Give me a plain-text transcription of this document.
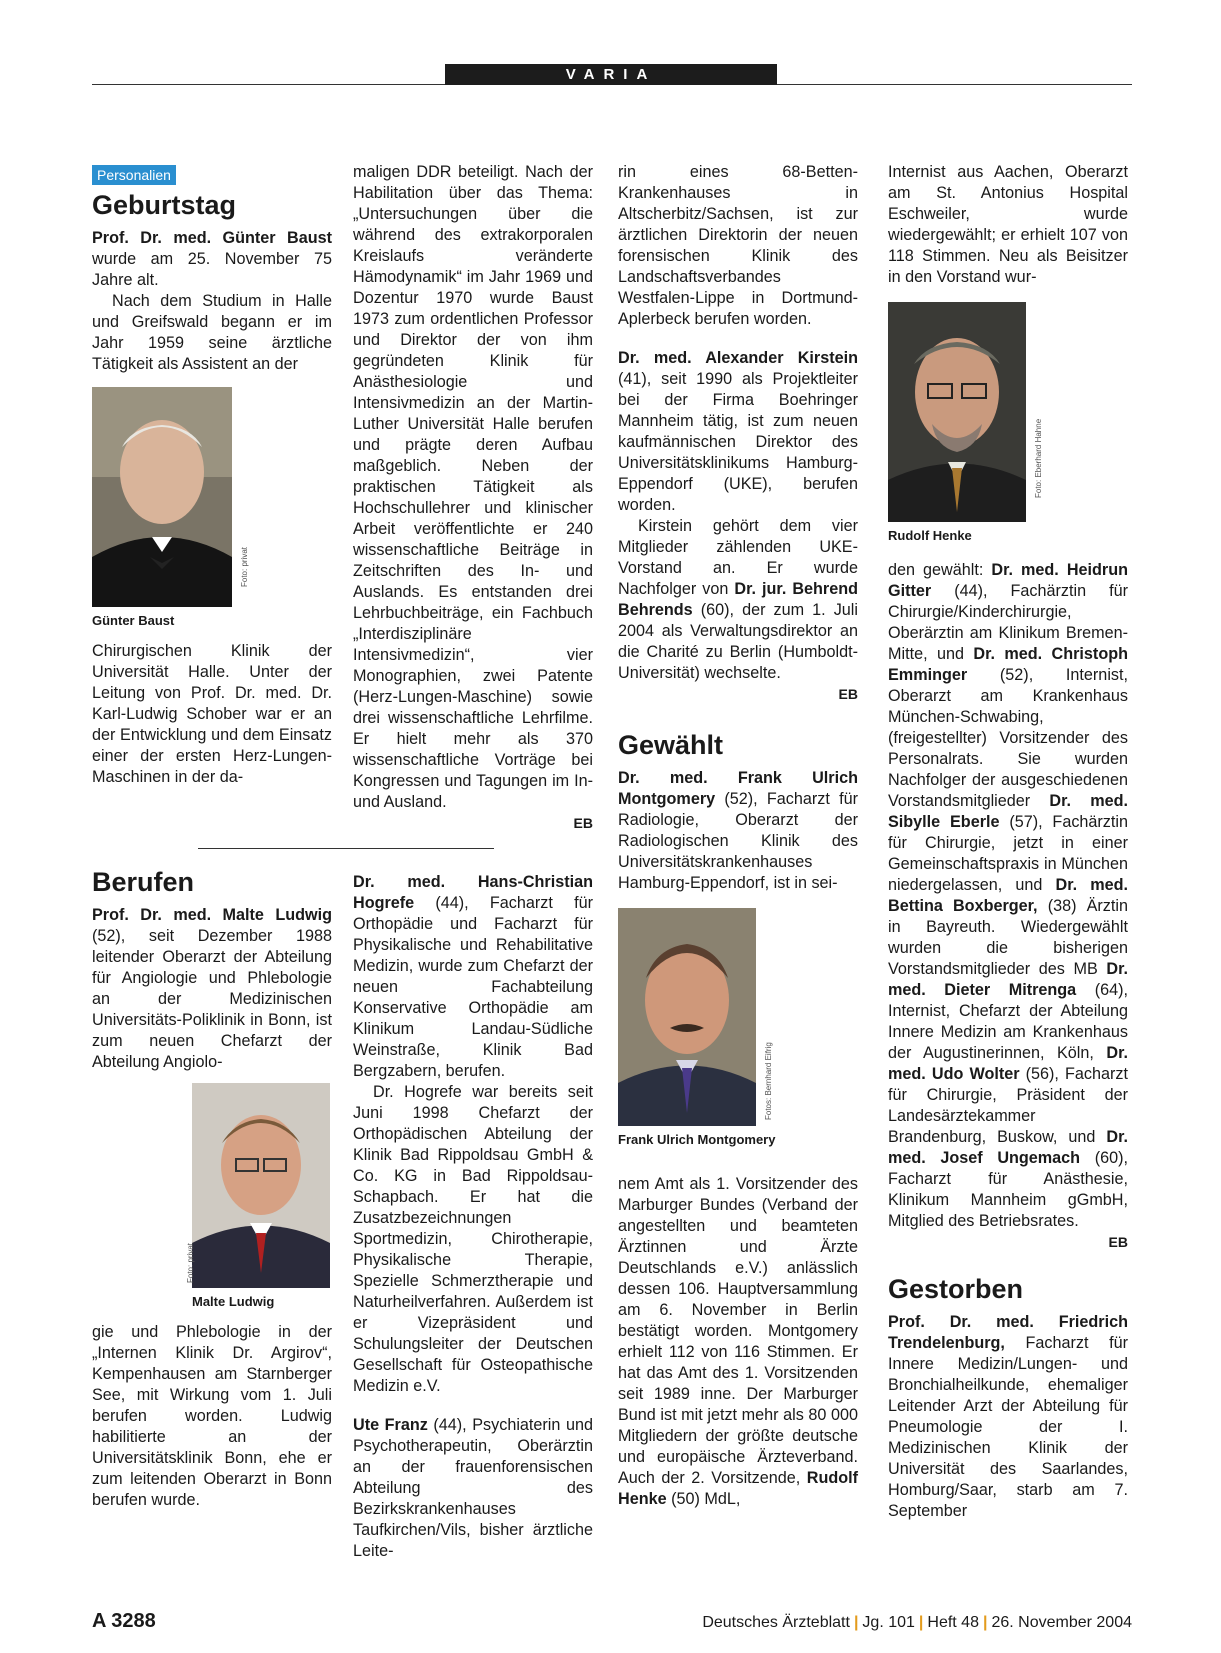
VARIA
Personalien
Geburtstag

Prof. Dr. med. Günter Baust wurde am 25. November 75 Jahre alt.

Nach dem Studium in Halle und Greifswald begann er im Jahr 1959 seine ärztliche Tätigkeit als Assistent an der

Foto: privat
Günter Baust

Chirurgischen Klinik der Universität Halle. Unter der Leitung von Prof. Dr. med. Dr. Karl-Ludwig Schober war er an der Entwicklung und dem Einsatz einer der ersten Herz-Lungen-Maschinen in der da-

maligen DDR beteiligt. Nach der Habilitation über das Thema: „Untersuchungen über die während des extrakorporalen Kreislaufs veränderte Hämodynamik“ im Jahr 1969 und Dozentur 1970 wurde Baust 1973 zum ordentlichen Professor und Direktor der von ihm gegründeten Klinik für Anästhesiologie und Intensivmedizin an der Martin-Luther Universität Halle berufen und prägte deren Aufbau maßgeblich. Neben der praktischen Tätigkeit als Hochschullehrer und klinischer Arbeit veröffentlichte er 240 wissenschaftliche Beiträge in Zeitschriften des In- und Auslands. Es entstanden drei Lehrbuchbeiträge, ein Fachbuch „Interdisziplinäre Intensivmedizin“, vier Monographien, zwei Patente (Herz-Lungen-Maschine) sowie drei wissenschaftliche Lehrfilme. Er hielt mehr als 370 wissenschaftliche Vorträge bei Kongressen und Tagungen im In- und Ausland.

EB

Berufen

Prof. Dr. med. Malte Ludwig (52), seit Dezember 1988 leitender Oberarzt der Abteilung für Angiologie und Phlebologie an der Medizinischen Universitäts-Poliklinik in Bonn, ist zum neuen Chefarzt der Abteilung Angiolo-

Foto: privat
Malte Ludwig

gie und Phlebologie in der „Internen Klinik Dr. Argirov“, Kempenhausen am Starnberger See, mit Wirkung vom 1. Juli berufen worden. Ludwig habilitierte an der Universitätsklinik Bonn, ehe er zum leitenden Oberarzt in Bonn berufen wurde.

Dr. med. Hans-Christian Hogrefe (44), Facharzt für Orthopädie und Facharzt für Physikalische und Rehabilitative Medizin, wurde zum Chefarzt der neuen Fachabteilung Konservative Orthopädie am Klinikum Landau-Südliche Weinstraße, Klinik Bad Bergzabern, berufen.

Dr. Hogrefe war bereits seit Juni 1998 Chefarzt der Orthopädischen Abteilung der Klinik Bad Rippoldsau GmbH & Co. KG in Bad Rippoldsau-Schapbach. Er hat die Zusatzbezeichnungen Sportmedizin, Chirotherapie, Physikalische Therapie, Spezielle Schmerztherapie und Naturheilverfahren. Außerdem ist er Vizepräsident und Schulungsleiter der Deutschen Gesellschaft für Osteopathische Medizin e.V.

Ute Franz (44), Psychiaterin und Psychotherapeutin, Oberärztin an der frauenforensischen Abteilung des Bezirkskrankenhauses Taufkirchen/Vils, bisher ärztliche Leite-

rin eines 68-Betten-Krankenhauses in Altscherbitz/Sachsen, ist zur ärztlichen Direktorin der neuen forensischen Klinik des Landschaftsverbandes Westfalen-Lippe in Dortmund-Aplerbeck berufen worden.

Dr. med. Alexander Kirstein (41), seit 1990 als Projektleiter bei der Firma Boehringer Mannheim tätig, ist zum neuen kaufmännischen Direktor des Universitätsklinikums Hamburg-Eppendorf (UKE), berufen worden.

Kirstein gehört dem vier Mitglieder zählenden UKE-Vorstand an. Er wurde Nachfolger von Dr. jur. Behrend Behrends (60), der zum 1. Juli 2004 als Verwaltungsdirektor an die Charité zu Berlin (Humboldt-Universität) wechselte.

EB

Gewählt

Dr. med. Frank Ulrich Montgomery (52), Facharzt für Radiologie, Oberarzt der Radiologischen Klinik des Universitätskrankenhauses Hamburg-Eppendorf, ist in sei-

Fotos: Bernhard Eifrig
Frank Ulrich Montgomery

nem Amt als 1. Vorsitzender des Marburger Bundes (Verband der angestellten und beamteten Ärztinnen und Ärzte Deutschlands e.V.) anlässlich dessen 106. Hauptversammlung am 6. November in Berlin bestätigt worden. Montgomery erhielt 112 von 116 Stimmen. Er hat das Amt des 1. Vorsitzenden seit 1989 inne. Der Marburger Bund ist mit jetzt mehr als 80 000 Mitgliedern der größte deutsche und europäische Ärzteverband. Auch der 2. Vorsitzende, Rudolf Henke (50) MdL,

Internist aus Aachen, Oberarzt am St. Antonius Hospital Eschweiler, wurde wiedergewählt; er erhielt 107 von 118 Stimmen. Neu als Beisitzer in den Vorstand wur-

Foto: Eberhard Hahne
Rudolf Henke

den gewählt: Dr. med. Heidrun Gitter (44), Fachärztin für Chirurgie/Kinderchirurgie, Oberärztin am Klinikum Bremen-Mitte, und Dr. med. Christoph Emminger (52), Internist, Oberarzt am Krankenhaus München-Schwabing, (freigestellter) Vorsitzender des Personalrats. Sie wurden Nachfolger der ausgeschiedenen Vorstandsmitglieder Dr. med. Sibylle Eberle (57), Fachärztin für Chirurgie, jetzt in einer Gemeinschaftspraxis in München niedergelassen, und Dr. med. Bettina Boxberger, (38) Ärztin in Bayreuth. Wiedergewählt wurden die bisherigen Vorstandsmitglieder des MB Dr. med. Dieter Mitrenga (64), Internist, Chefarzt der Abteilung Innere Medizin am Krankenhaus der Augustinerinnen, Köln, Dr. med. Udo Wolter (56), Facharzt für Chirurgie, Präsident der Landesärztekammer Brandenburg, Buskow, und Dr. med. Josef Ungemach (60), Facharzt für Anästhesie, Klinikum Mannheim gGmbH, Mitglied des Betriebsrates.

EB

Gestorben

Prof. Dr. med. Friedrich Trendelenburg, Facharzt für Innere Medizin/Lungen- und Bronchialheilkunde, ehemaliger Leitender Arzt der Abteilung für Pneumologie der I. Medizinischen Klinik der Universität des Saarlandes, Homburg/Saar, starb am 7. September

A 3288	Deutsches Ärzteblatt | Jg. 101 | Heft 48 | 26. November 2004
